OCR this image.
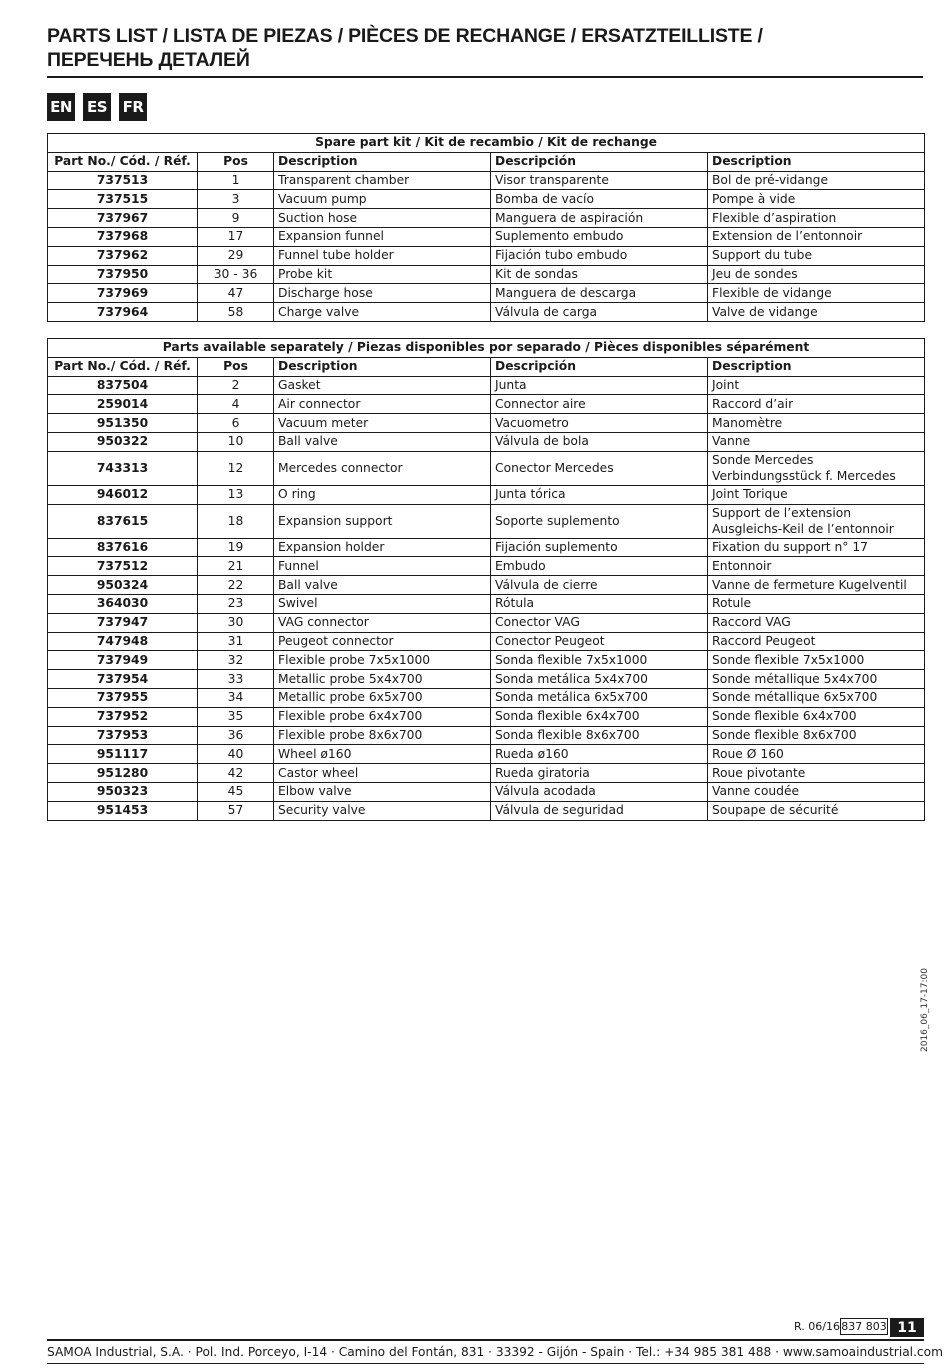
PARTS LIST / LISTA DE PIEZAS / PIÈCES DE RECHANGE / ERSATZTEILLISTE /
ПЕРЕЧЕНЬ ДЕТАЛЕЙ
EN ES FR
Spare part kit / Kit de recambio / Kit de rechange				
Part No./ Cód. / Réf.	Pos	Description	Descripción	Description
737513	1	Transparent chamber	Visor transparente	Bol de pré-vidange
737515	3	Vacuum pump	Bomba de vacío	Pompe à vide
737967	9	Suction hose	Manguera de aspiración	Flexible d’aspiration
737968	17	Expansion funnel	Suplemento embudo	Extension de l’entonnoir
737962	29	Funnel tube holder	Fijación tubo embudo	Support du tube
737950	30 - 36	Probe kit	Kit de sondas	Jeu de sondes
737969	47	Discharge hose	Manguera de descarga	Flexible de vidange
737964	58	Charge valve	Válvula de carga	Valve de vidange
Parts available separately / Piezas disponibles por separado / Pièces disponibles séparément				
Part No./ Cód. / Réf.	Pos	Description	Descripción	Description
837504	2	Gasket	Junta	Joint
259014	4	Air connector	Connector aire	Raccord d’air
951350	6	Vacuum meter	Vacuometro	Manomètre
950322	10	Ball valve	Válvula de bola	Vanne
743313	12	Mercedes connector	Conector Mercedes	Sonde Mercedes Verbindungsstück f. Mercedes
946012	13	O ring	Junta tórica	Joint Torique
837615	18	Expansion support	Soporte suplemento	Support de l’extension Ausgleichs-Keil de l’entonnoir
837616	19	Expansion holder	Fijación suplemento	Fixation du support n° 17
737512	21	Funnel	Embudo	Entonnoir
950324	22	Ball valve	Válvula de cierre	Vanne de fermeture Kugelventil
364030	23	Swivel	Rótula	Rotule
737947	30	VAG connector	Conector VAG	Raccord VAG
747948	31	Peugeot connector	Conector Peugeot	Raccord Peugeot
737949	32	Flexible probe 7x5x1000	Sonda flexible 7x5x1000	Sonde flexible 7x5x1000
737954	33	Metallic probe 5x4x700	Sonda metálica 5x4x700	Sonde métallique 5x4x700
737955	34	Metallic probe 6x5x700	Sonda metálica 6x5x700	Sonde métallique 6x5x700
737952	35	Flexible probe 6x4x700	Sonda flexible 6x4x700	Sonde flexible 6x4x700
737953	36	Flexible probe 8x6x700	Sonda flexible 8x6x700	Sonde flexible 8x6x700
951117	40	Wheel ø160	Rueda ø160	Roue Ø 160
951280	42	Castor wheel	Rueda giratoria	Roue pivotante
950323	45	Elbow valve	Válvula acodada	Vanne coudée
951453	57	Security valve	Válvula de seguridad	Soupape de sécurité
2016_06_17-17:00
R. 06/16 837 803 11
SAMOA Industrial, S.A. · Pol. Ind. Porceyo, I-14 · Camino del Fontán, 831 · 33392 - Gijón - Spain · Tel.: +34 985 381 488 · www.samoaindustrial.com
